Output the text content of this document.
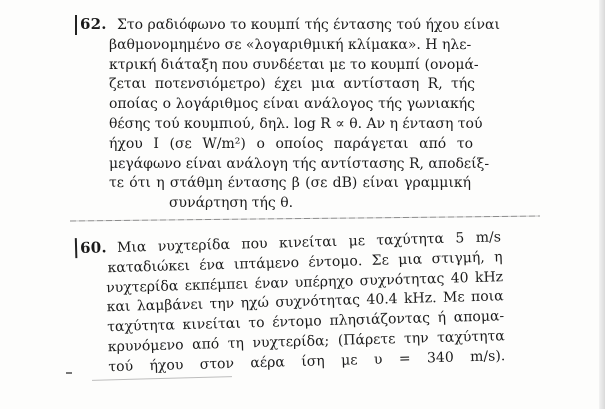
62. Στο ραδιόφωνο το κουμπί τής έντασης τού ήχου είναι
βαθμονομημένο σε «λογαριθμική κλίμακα». Η ηλε-
κτρική διάταξη που συνδέεται με το κουμπί (ονομά-
ζεται ποτενσιόμετρο) έχει μια αντίσταση R, τής
οποίας ο λογάριθμος είναι ανάλογος τής γωνιακής
θέσης τού κουμπιού, δηλ. log R ∝ θ. Αν η ένταση τού
ήχου I (σε W/m²) ο οποίος παράγεται από το
μεγάφωνο είναι ανάλογη τής αντίστασης R, αποδείξ-
τε ότι η στάθμη έντασης β (σε dB) είναι γραμμική
συνάρτηση τής θ.
60. Μια νυχτερίδα που κινείται με ταχύτητα 5 m/s
καταδιώκει ένα ιπτάμενο έντομο. Σε μια στιγμή, η
νυχτερίδα εκπέμπει έναν υπέρηχο συχνότητας 40 kHz
και λαμβάνει την ηχώ συχνότητας 40.4 kHz. Με ποια
ταχύτητα κινείται το έντομο πλησιάζοντας ή απομα-
κρυνόμενο από τη νυχτερίδα; (Πάρετε την ταχύτητα
τού ήχου στον αέρα ίση με υ = 340 m/s).
